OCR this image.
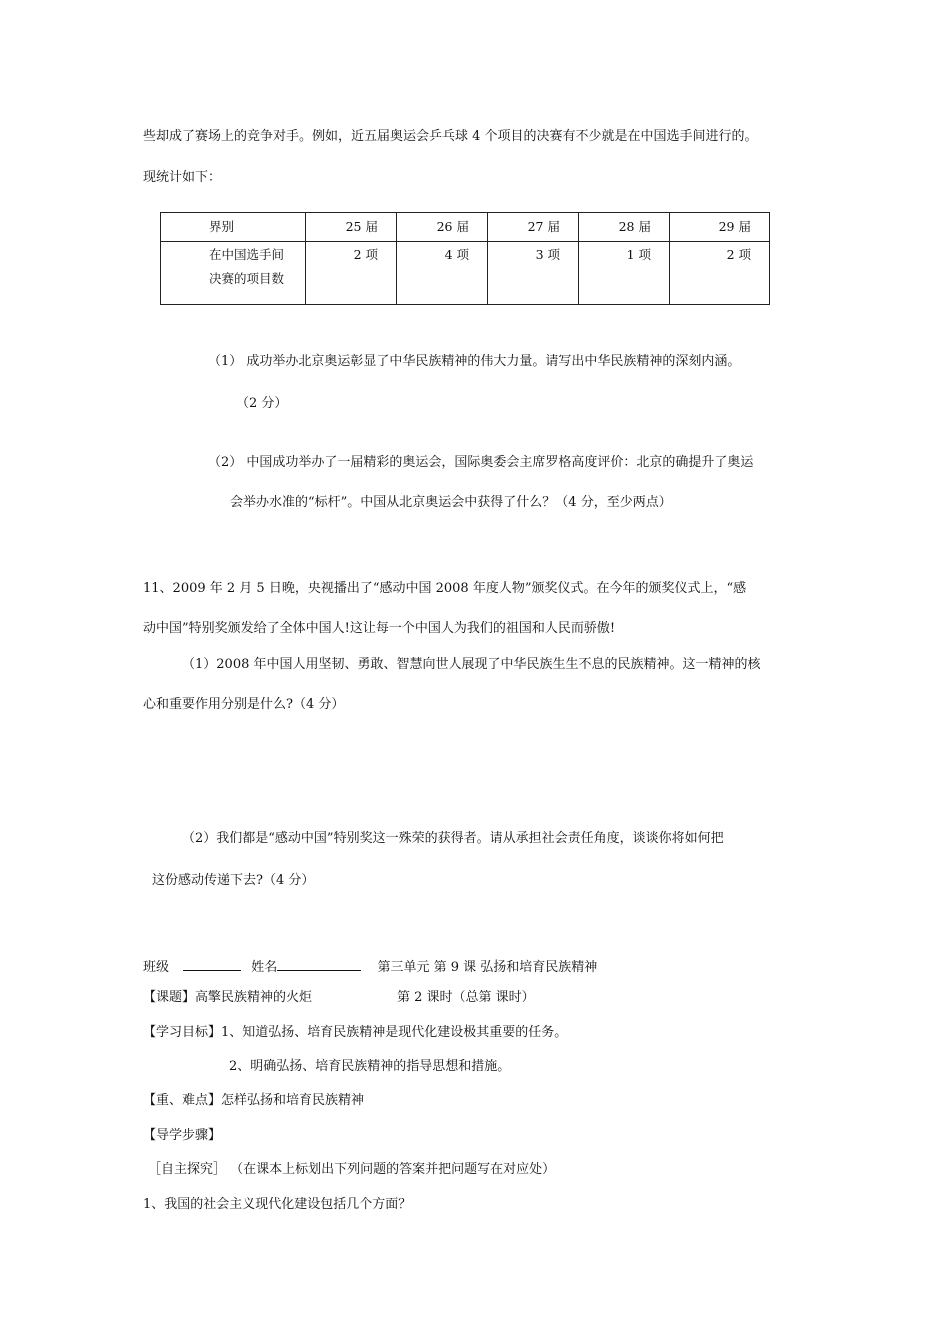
些却成了赛场上的竞争对手。例如，近五届奥运会乒乓球 4 个项目的决赛有不少就是在中国选手间进行的。
现统计如下：
界别	25 届	26 届	27 届	28 届	29 届

在中国选手间
决赛的项目数	2 项	4 项	3 项	1 项	2 项
（1） 成功举办北京奥运彰显了中华民族精神的伟大力量。请写出中华民族精神的深刻内涵。
（2 分）
（2） 中国成功举办了一届精彩的奥运会，国际奥委会主席罗格高度评价：北京的确提升了奥运
会举办水准的“标杆”。中国从北京奥运会中获得了什么？（4 分，至少两点）
11、2009 年 2 月 5 日晚，央视播出了“感动中国 2008 年度人物”颁奖仪式。在今年的颁奖仪式上，“感
动中国”特别奖颁发给了全体中国人!这让每一个中国人为我们的祖国和人民而骄傲!
（1）2008 年中国人用坚韧、勇敢、智慧向世人展现了中华民族生生不息的民族精神。这一精神的核
心和重要作用分别是什么?（4 分）
（2）我们都是“感动中国”特别奖这一殊荣的获得者。请从承担社会责任角度，谈谈你将如何把
这份感动传递下去?（4 分）
班级	姓名	第三单元 第 9 课 弘扬和培育民族精神
【课题】高擎民族精神的火炬	第 2 课时（总第 课时）
【学习目标】1、知道弘扬、培育民族精神是现代化建设极其重要的任务。
2、明确弘扬、培育民族精神的指导思想和措施。
【重、难点】怎样弘扬和培育民族精神
【导学步骤】
［自主探究］ （在课本上标划出下列问题的答案并把问题写在对应处）
1、我国的社会主义现代化建设包括几个方面？
